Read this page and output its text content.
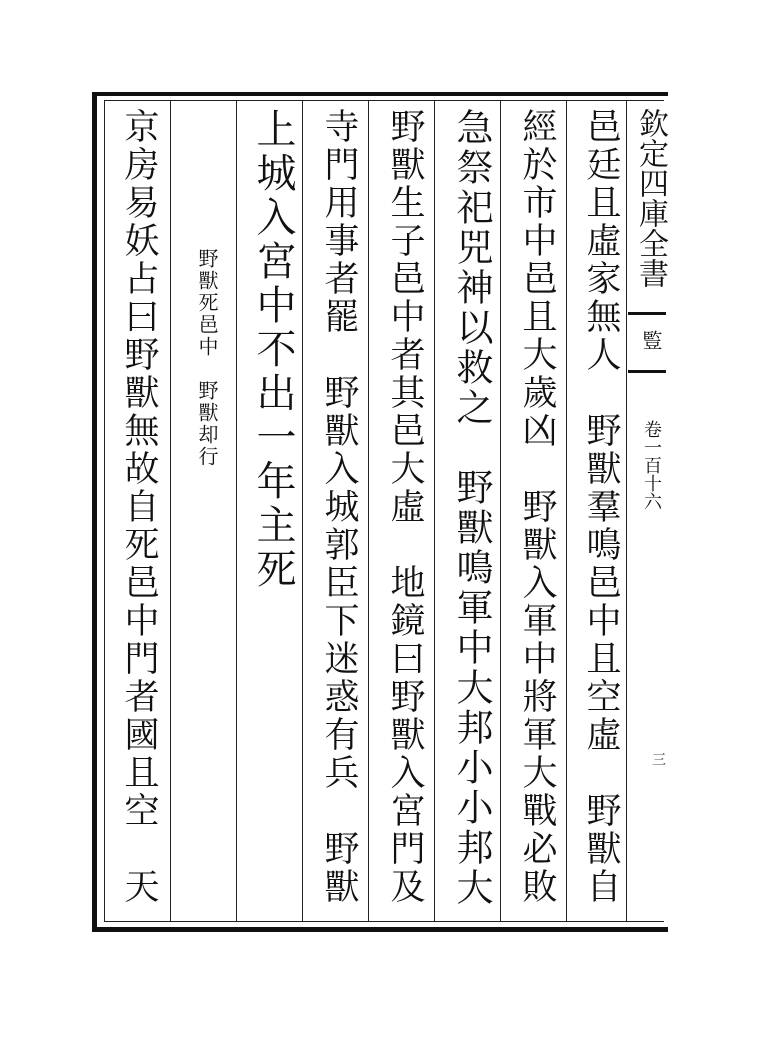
欽定四庫全書
䜿
卷一百十六
三
邑廷且虛家無人　野獸羣鳴邑中且空虛　野獸自
經於市中邑且大歲凶　野獸入軍中將軍大戰必敗
急祭祀兕神以救之　野獸鳴軍中大邦小小邦大
野獸生子邑中者其邑大虛　地鏡曰野獸入宮門及
寺門用事者罷　野獸入城郭臣下迷惑有兵　野獸
上城入宮中不出一年主死
野獸死邑中　野獸却行
京房易妖占曰野獸無故自死邑中門者國且空　天
